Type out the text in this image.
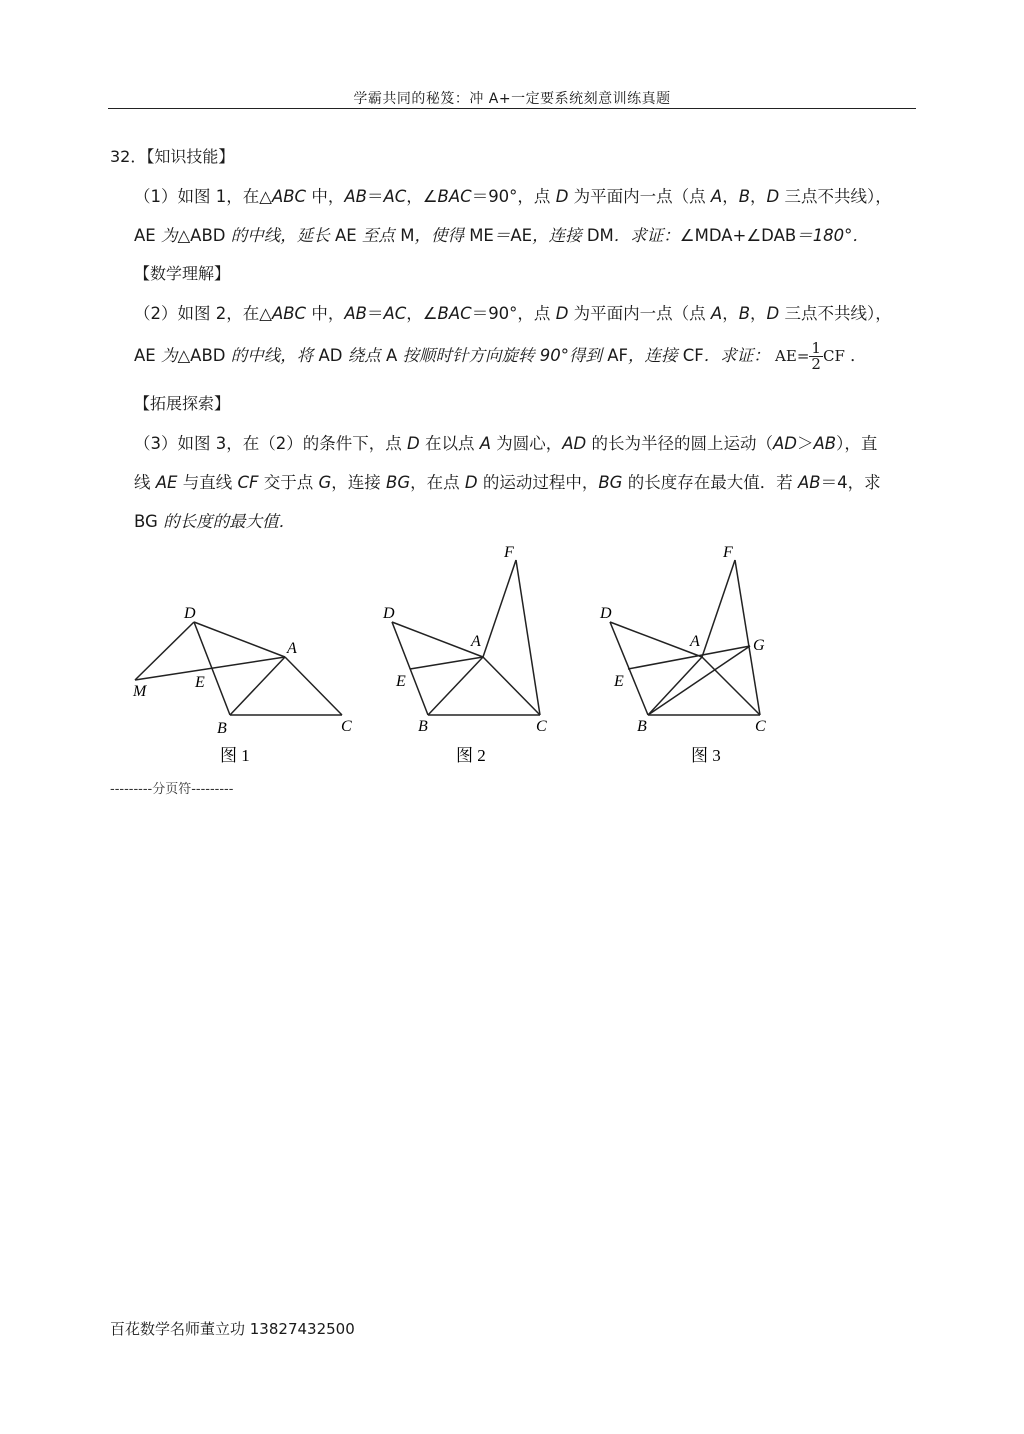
学霸共同的秘笈：冲 A+一定要系统刻意训练真题
32．【知识技能】
（1）如图 1，在△ABC 中，AB＝AC，∠BAC＝90°，点 D 为平面内一点（点 A，B，D 三点不共线），
AE 为△ABD 的中线，延长 AE 至点 M，使得 ME＝AE，连接 DM．求证：∠MDA+∠DAB＝180°．
【数学理解】
（2）如图 2，在△ABC 中，AB＝AC，∠BAC＝90°，点 D 为平面内一点（点 A，B，D 三点不共线），
AE 为△ABD 的中线，将 AD 绕点 A 按顺时针方向旋转 90°得到 AF，连接 CF．求证： $AE= \frac{1}{2}$ CF ．
【拓展探索】
（3）如图 3，在（2）的条件下，点 D 在以点 A 为圆心，AD 的长为半径的圆上运动（AD＞AB），直
线 AE 与直线 CF 交于点 G，连接 BG，在点 D 的运动过程中，BG 的长度存在最大值．若 AB＝4，求
BG 的长度的最大值．
D
A
M
E
B	C
图 1
F
D
A
E
B	C
图 2
F
D
A	G
E
B	C
图 3
---------分页符---------
百花数学名师董立功 13827432500
